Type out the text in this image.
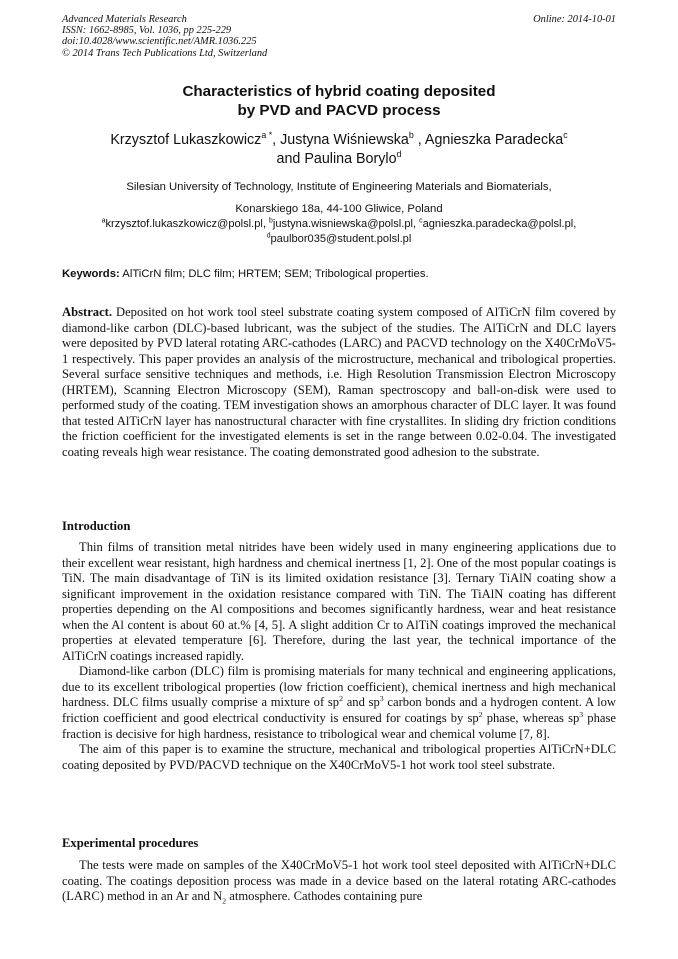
Advanced Materials Research
ISSN: 1662-8985, Vol. 1036, pp 225-229
doi:10.4028/www.scientific.net/AMR.1036.225
© 2014 Trans Tech Publications Ltd, Switzerland
Online: 2014-10-01
Characteristics of hybrid coating deposited
by PVD and PACVD process
Krzysztof Lukaszkowicz$^{a *}$, Justyna Wiśniewska$^b$ , Agnieszka Paradecka$^c$
and Paulina Borylo$^d$
Silesian University of Technology, Institute of Engineering Materials and Biomaterials,
Konarskiego 18a, 44-100 Gliwice, Poland
$^a$krzysztof.lukaszkowicz@polsl.pl, $^b$justyna.wisniewska@polsl.pl, $^c$agnieszka.paradecka@polsl.pl,
$^d$paulbor035@student.polsl.pl
Keywords: AlTiCrN film; DLC film; HRTEM; SEM; Tribological properties.
Abstract. Deposited on hot work tool steel substrate coating system composed of AlTiCrN film covered by diamond-like carbon (DLC)-based lubricant, was the subject of the studies. The AlTiCrN and DLC layers were deposited by PVD lateral rotating ARC-cathodes (LARC) and PACVD technology on the X40CrMoV5-1 respectively. This paper provides an analysis of the microstructure, mechanical and tribological properties. Several surface sensitive techniques and methods, i.e. High Resolution Transmission Electron Microscopy (HRTEM), Scanning Electron Microscopy (SEM), Raman spectroscopy and ball-on-disk were used to performed study of the coating. TEM investigation shows an amorphous character of DLC layer. It was found that tested AlTiCrN layer has nanostructural character with fine crystallites. In sliding dry friction conditions the friction coefficient for the investigated elements is set in the range between 0.02-0.04. The investigated coating reveals high wear resistance. The coating demonstrated good adhesion to the substrate.
Introduction

Thin films of transition metal nitrides have been widely used in many engineering applications due to their excellent wear resistant, high hardness and chemical inertness [1, 2]. One of the most popular coatings is TiN. The main disadvantage of TiN is its limited oxidation resistance [3]. Ternary TiAlN coating show a significant improvement in the oxidation resistance compared with TiN. The TiAlN coating has different properties depending on the Al compositions and becomes significantly hardness, wear and heat resistance when the Al content is about 60 at.% [4, 5]. A slight addition Cr to AlTiN coatings improved the mechanical properties at elevated temperature [6]. Therefore, during the last year, the technical importance of the AlTiCrN coatings increased rapidly.

Diamond-like carbon (DLC) film is promising materials for many technical and engineering applications, due to its excellent tribological properties (low friction coefficient), chemical inertness and high mechanical hardness. DLC films usually comprise a mixture of $sp^2$ and $sp^3$ carbon bonds and a hydrogen content. A low friction coefficient and good electrical conductivity is ensured for coatings by $sp^2$ phase, whereas $sp^3$ phase fraction is decisive for high hardness, resistance to tribological wear and chemical volume [7, 8].

The aim of this paper is to examine the structure, mechanical and tribological properties AlTiCrN+DLC coating deposited by PVD/PACVD technique on the X40CrMoV5-1 hot work tool steel substrate.

Experimental procedures

The tests were made on samples of the X40CrMoV5-1 hot work tool steel deposited with AlTiCrN+DLC coating. The coatings deposition process was made in a device based on the lateral rotating ARC-cathodes (LARC) method in an Ar and $N_2$ atmosphere. Cathodes containing pure
